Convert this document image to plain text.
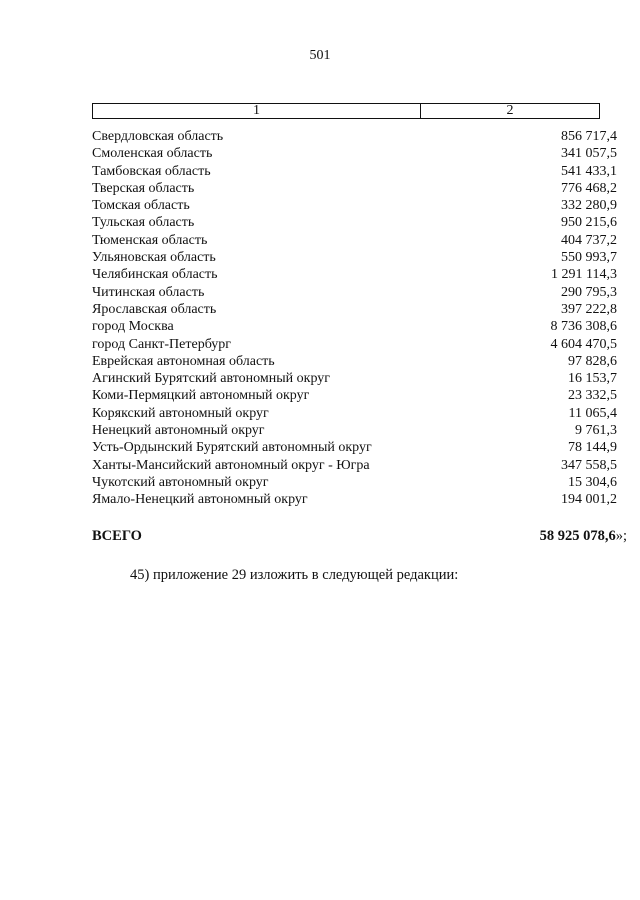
501
1	2
Свердловская область	856 717,4
Смоленская область	341 057,5
Тамбовская область	541 433,1
Тверская область	776 468,2
Томская область	332 280,9
Тульская область	950 215,6
Тюменская область	404 737,2
Ульяновская область	550 993,7
Челябинская область	1 291 114,3
Читинская область	290 795,3
Ярославская область	397 222,8
город Москва	8 736 308,6
город Санкт-Петербург	4 604 470,5
Еврейская автономная область	97 828,6
Агинский Бурятский автономный округ	16 153,7
Коми-Пермяцкий автономный округ	23 332,5
Корякский автономный округ	11 065,4
Ненецкий автономный округ	9 761,3
Усть-Ордынский Бурятский автономный округ	78 144,9
Ханты-Мансийский автономный округ - Югра	347 558,5
Чукотский автономный округ	15 304,6
Ямало-Ненецкий автономный округ	194 001,2
ВСЕГО	58 925 078,6»;
45) приложение 29 изложить в следующей редакции:
